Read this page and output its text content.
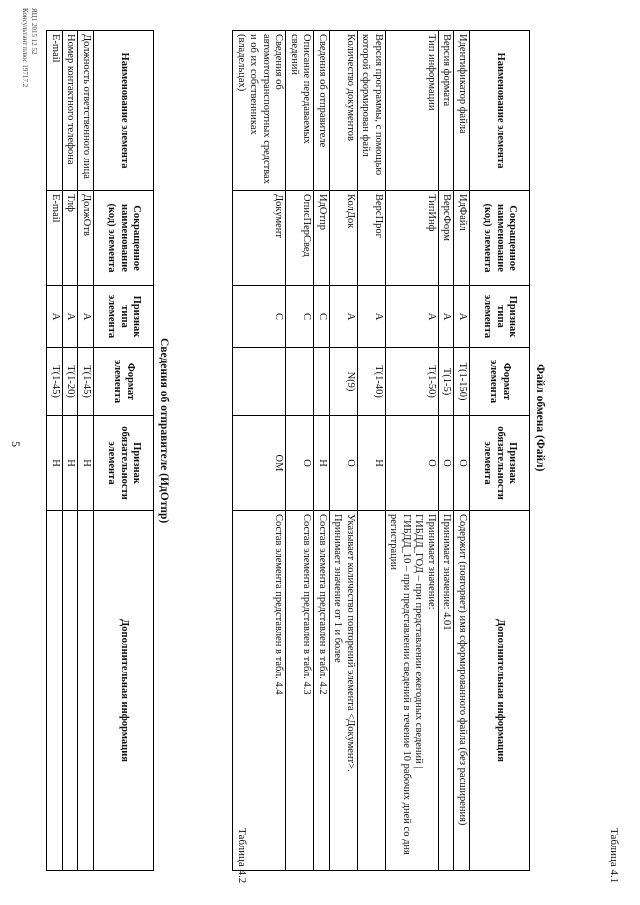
5
Таблица 4.1
Файл обмена (Файл)
Наименование элемента	Сокращенное наименование (код) элемента	Признак типа элемента	Формат элемента	Признак обязательности элемента	Дополнительная информация
Идентификатор файла	ИдФайл	А	T(1-150)	О	Содержит (повторяет) имя сформированного файла (без расширения)
Версия формата	ВерсФорм	А	T(1-5)	О	Принимает значение: 4.01
Тип информации	ТипИнф	А	T(1-50)	О	Принимает значение:
ГИБДД_ГОД – при представлении ежегодных сведений |
ГИБДД_10 – при представлении сведений в течение 10 рабочих дней со дня регистрации
Версия программы, с помощью которой сформирован файл	ВерсПрог	А	T(1-40)	Н	
Количество документов	КолДок	А	N(9)	О	Указывает количество повторений элемента <Документ>.
Принимает значение от 1 и более
Сведения об отправителе	ИдОтпр	С		Н	Состав элемента представлен в табл. 4.2
Описание передаваемых сведений	ОписПерСвед	С		О	Состав элемента представлен в табл. 4.3
Сведения об автомототранспортных средствах и об их собственниках (владельцах)	Документ	С		ОМ	Состав элемента представлен в табл. 4.4
Таблица 4.2
Сведения об отправителе (ИдОтпр)
Наименование элемента	Сокращенное наименование (код) элемента	Признак типа элемента	Формат элемента	Признак обязательности элемента	Дополнительная информация
Должность ответственного лица	ДолжОтв	А	T(1-45)	Н	
Номер контактного телефона	Тлф	А	T(1-20)	Н	
E-mail	E-mail	А	T(1-45)	Н	
ЯЦ1 2015 12 52
Консультант плюс 19717.2
